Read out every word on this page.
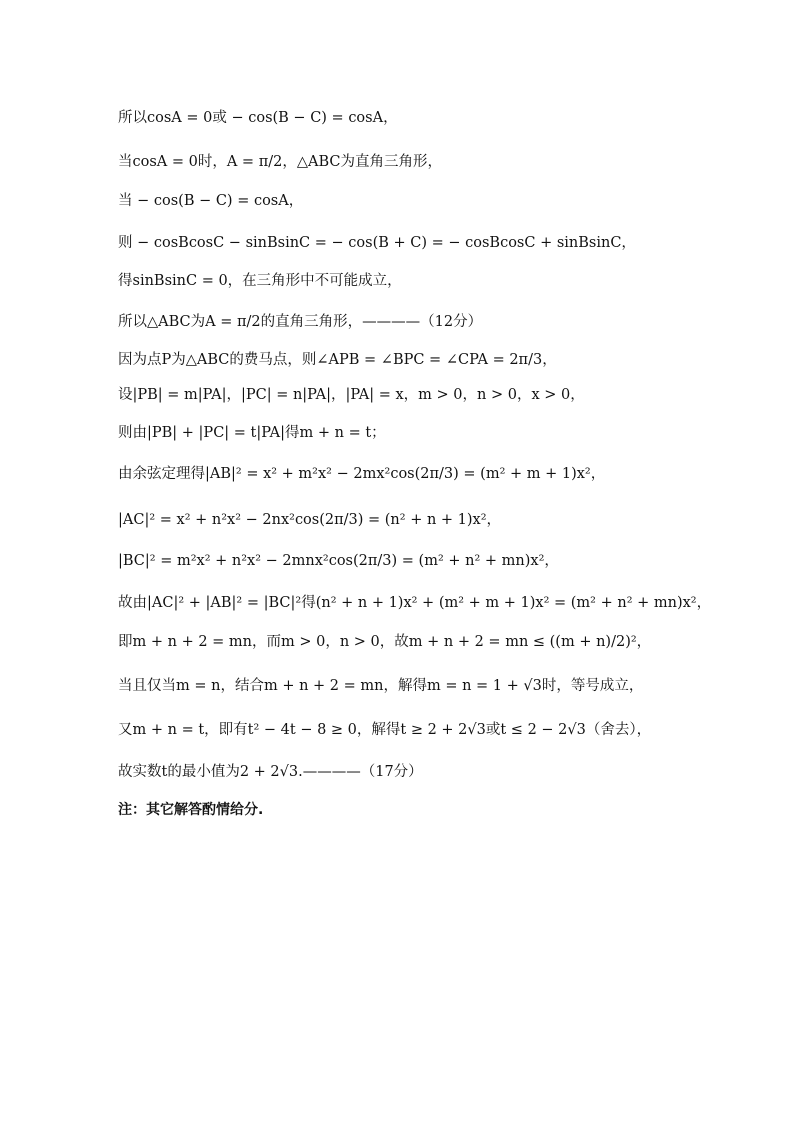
所以cosA = 0或 − cos(B − C) = cosA，
当cosA = 0时，A = π/2，△ABC为直角三角形，
当 − cos(B − C) = cosA，
则 − cosBcosC − sinBsinC = − cos(B + C) = − cosBcosC + sinBsinC，
得sinBsinC = 0，在三角形中不可能成立，
所以△ABC为A = π/2的直角三角形，————（12分）
因为点P为△ABC的费马点，则∠APB = ∠BPC = ∠CPA = 2π/3，
设|PB| = m|PA|，|PC| = n|PA|，|PA| = x，m > 0，n > 0，x > 0，
则由|PB| + |PC| = t|PA|得m + n = t；
由余弦定理得|AB|² = x² + m²x² − 2mx²cos(2π/3) = (m² + m + 1)x²，
|AC|² = x² + n²x² − 2nx²cos(2π/3) = (n² + n + 1)x²，
|BC|² = m²x² + n²x² − 2mnx²cos(2π/3) = (m² + n² + mn)x²，
故由|AC|² + |AB|² = |BC|²得(n² + n + 1)x² + (m² + m + 1)x² = (m² + n² + mn)x²，
即m + n + 2 = mn，而m > 0，n > 0，故m + n + 2 = mn ≤ ((m + n)/2)²，
当且仅当m = n，结合m + n + 2 = mn，解得m = n = 1 + √3时，等号成立，
又m + n = t，即有t² − 4t − 8 ≥ 0，解得t ≥ 2 + 2√3或t ≤ 2 − 2√3（舍去），
故实数t的最小值为2 + 2√3.————（17分）
注：其它解答酌情给分.
